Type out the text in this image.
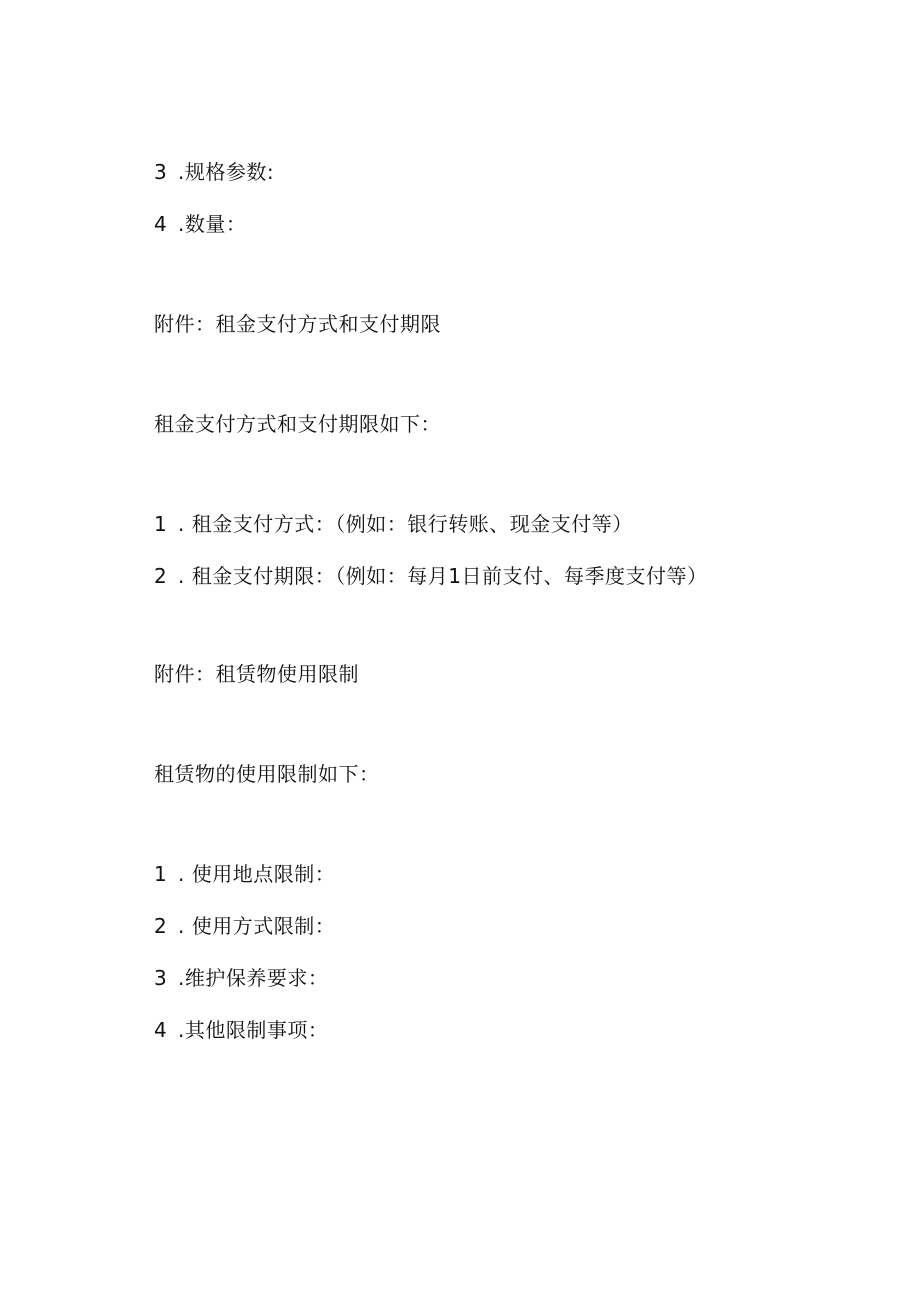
3 .规格参数:
4 .数量：
附件：租金支付方式和支付期限
租金支付方式和支付期限如下：
1 . 租金支付方式：（例如：银行转账、现金支付等）
2 . 租金支付期限：（例如：每月1日前支付、每季度支付等）
附件：租赁物使用限制
租赁物的使用限制如下：
1 . 使用地点限制：
2 . 使用方式限制：
3 .维护保养要求：
4 .其他限制事项：
